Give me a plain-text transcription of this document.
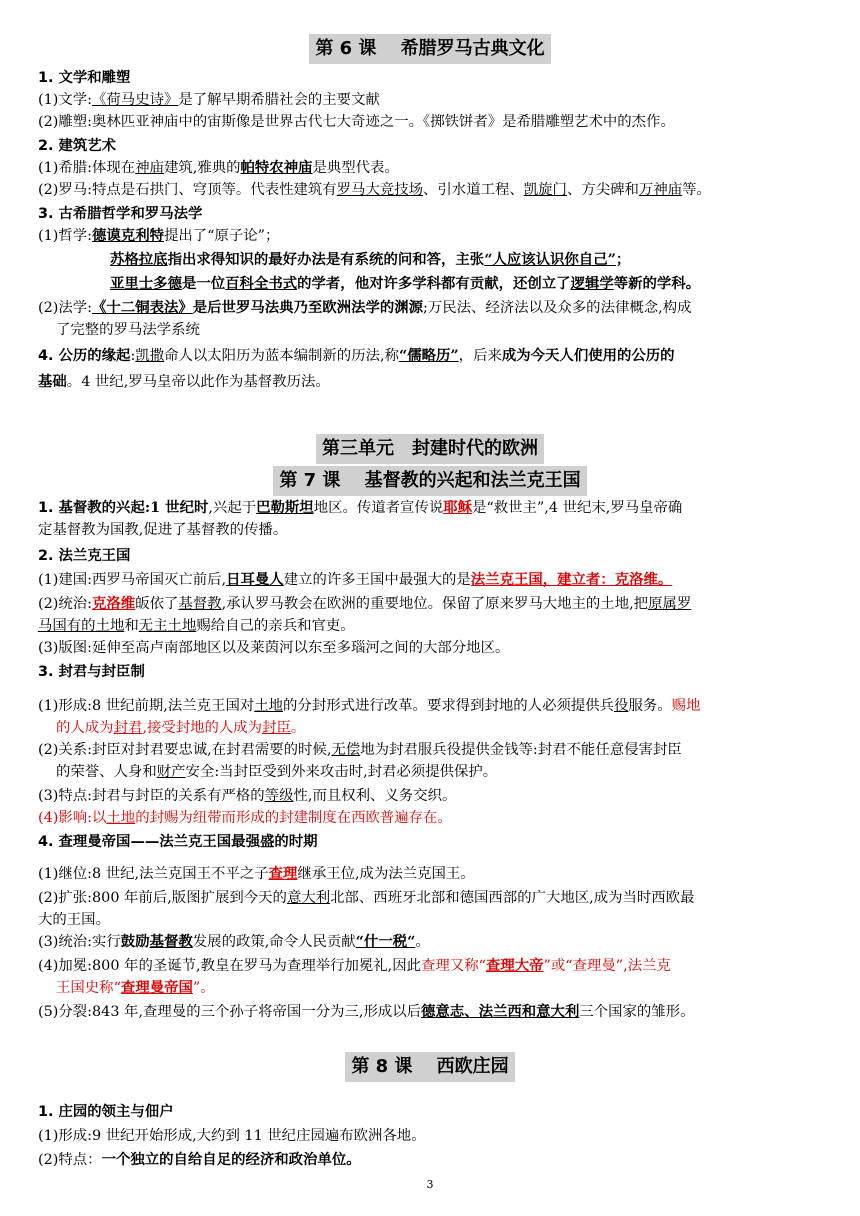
第 6 课　 希腊罗马古典文化
1. 文学和雕塑
(1)文学:《荷马史诗》是了解早期希腊社会的主要文献
(2)雕塑:奥林匹亚神庙中的宙斯像是世界古代七大奇迹之一。《掷铁饼者》是希腊雕塑艺术中的杰作。
2. 建筑艺术
(1)希腊:体现在神庙建筑,雅典的帕特农神庙是典型代表。
(2)罗马:特点是石拱门、穹顶等。代表性建筑有罗马大竞技场、引水道工程、凯旋门、方尖碑和万神庙等。
3. 古希腊哲学和罗马法学
(1)哲学:德谟克利特提出了“原子论”；
苏格拉底指出求得知识的最好办法是有系统的问和答，主张“人应该认识你自己”；
亚里士多德是一位百科全书式的学者，他对许多学科都有贡献，还创立了逻辑学等新的学科。
(2)法学:《十二铜表法》是后世罗马法典乃至欧洲法学的渊源;万民法、经济法以及众多的法律概念,构成
了完整的罗马法学系统
4. 公历的缘起:凯撒命人以太阳历为蓝本编制新的历法,称“儒略历”，后来成为今天人们使用的公历的
基础。4 世纪,罗马皇帝以此作为基督教历法。
第三单元　封建时代的欧洲
第 7 课　 基督教的兴起和法兰克王国
1. 基督教的兴起:1 世纪时,兴起于巴勒斯坦地区。传道者宣传说耶稣是“救世主”,4 世纪末,罗马皇帝确
定基督教为国教,促进了基督教的传播。
2. 法兰克王国
(1)建国:西罗马帝国灭亡前后,日耳曼人建立的许多王国中最强大的是法兰克王国，建立者：克洛维。
(2)统治:克洛维皈依了基督教,承认罗马教会在欧洲的重要地位。保留了原来罗马大地主的土地,把原属罗
马国有的土地和无主土地赐给自己的亲兵和官吏。
(3)版图:延伸至高卢南部地区以及莱茵河以东至多瑙河之间的大部分地区。
3. 封君与封臣制
(1)形成:8 世纪前期,法兰克王国对土地的分封形式进行改革。要求得到封地的人必须提供兵役服务。赐地
的人成为封君,接受封地的人成为封臣。
(2)关系:封臣对封君要忠诚,在封君需要的时候,无偿地为封君服兵役提供金钱等:封君不能任意侵害封臣
的荣誉、人身和财产安全:当封臣受到外来攻击时,封君必须提供保护。
(3)特点:封君与封臣的关系有严格的等级性,而且权利、义务交织。
(4)影响:以土地的封赐为纽带而形成的封建制度在西欧普遍存在。
4. 查理曼帝国——法兰克王国最强盛的时期
(1)继位:8 世纪,法兰克国王不平之子查理继承王位,成为法兰克国王。
(2)扩张:800 年前后,版图扩展到今天的意大利北部、西班牙北部和德国西部的广大地区,成为当时西欧最
大的王国。
(3)统治:实行鼓励基督教发展的政策,命令人民贡献“什一税“。
(4)加冕:800 年的圣诞节,教皇在罗马为查理举行加冕礼,因此查理又称“查理大帝”或“查理曼”,法兰克
王国史称“查理曼帝国”。
(5)分裂:843 年,查理曼的三个孙子将帝国一分为三,形成以后德意志、法兰西和意大利三个国家的雏形。
第 8 课　 西欧庄园
1. 庄园的领主与佃户
(1)形成:9 世纪开始形成,大约到 11 世纪庄园遍布欧洲各地。
(2)特点：一个独立的自给自足的经济和政治单位。
3
